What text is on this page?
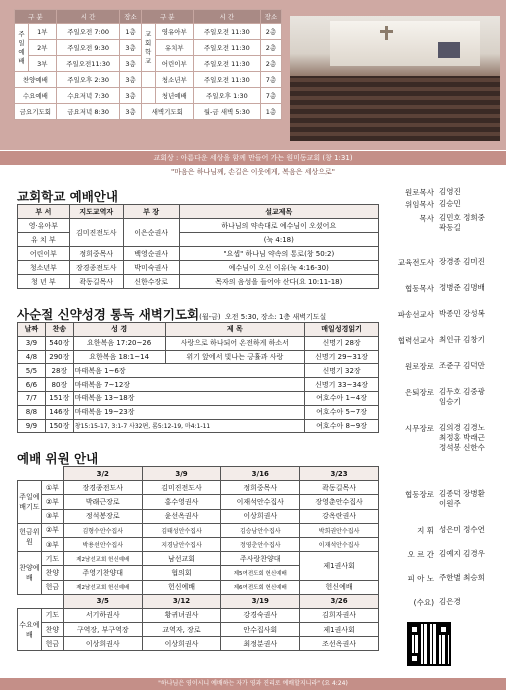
구 분		시 간	장소	구 분		시 간	장소
주일예배	1부	주일오전 7:00	1층	교회학교	영유아부	주일오전 11:30	2층
	2부	주일오전 9:30	3층		유치부	주일오전 11:30	2층
	3부	주일오전11:30	3층		어린이부	주일오전 11:30	2층
찬양예배		주일오후 2:30	3층		청소년부	주일오전 11:30	7층
수요예배		수요저녁 7:30	3층		청년예배	주일오후 1:30	7층
금요기도회		금요저녁 8:30	3층	새벽기도회		월-금 새벽 5:30	1층
교회상 : 아름다운 세상을 함께 만들어 가는 원미동교회 (창 1:31)
"마음은 하나님께, 손길은 이웃에게, 복음은 세상으로"
교회학교 예배안내
부 서	지도교역자	부 장	설교제목
영·유아부	김미진전도사	이은순권사	하나님의 약속대로 예수님이 오셨어요
유 치 부			(눅 4:18)
어린이부	정희중목사	백영순권사	"요셉" 하나님 약속의 통로(창 50:2)
청소년부	장경종전도사	박미숙권사	예수님이 오신 이유(눅 4:16-30)
청 년 부	곽동길목사	신한수장로	목자의 음성을 들어야 산다(요 10:11-18)
사순절 신약성경 통독 새벽기도회(월-금) 오전 5:30, 장소: 1층 새벽기도실
날짜	찬송	성 경	제 목	매일성경읽기
3/9	540장	요한복음 17:20~26	사랑으로 하나되어 온전하게 하소서	신명기 28장
4/8	290장	요한복음 18:1~14	위기 앞에서 빛나는 긍휼과 사랑	신명기 29~31장
5/5	28장	마태복음 1~6장		신명기 32장
6/6	80장	마태복음 7~12장		신명기 33~34장
7/7	151장	마태복음 13~18장		여호수아 1~4장
8/8	146장	마태복음 19~23장		여호수아 5~7장
9/9	150장	창15:15-17, 3:1-7 사32편, 롬5:12-19, 마4:1-11		여호수아 8~9장
예배 위원 안내
		3/2	3/9	3/16	3/23
주일예배기도	①부	장경종전도사	김미진전도사	정희중목사	곽동길목사
	②부	박래근장로	홍수영권사	이재석안수집사	장영춘안수집사
	③부	정석봉장로	윤선옥권사	이상희권사	강옥란권사
헌금위원	②부	김형수안수집사	김태성안수집사	김승남안수집사	박희권안수집사
	③부	박용선안수집사	지경남안수집사	정영춘안수집사	이재석안수집사
찬양예배	기도	제2남선교회 헌신예배	남선교회	주사랑찬양대	제1권사회
	찬양	주영기찬양대	협의회	제5여전도회 헌신예배	
	헌금	제2남선교회 헌신예배	헌신예배	제6여전도회 헌신예배	헌신예배
		3/5	3/12	3/19	3/26
수요예배	기도	서기하권사	황귀녀권사	강경숙권사	김희자권사
	찬양	구역장, 부구역장	교역자, 장로	안수집사회	제1권사회
	헌금	이상희권사	이상희권사	최정분권사	조선옥권사
원로목사 김영진
위임목사 김승민
목사 김민호 정희중 곽동길
교육전도사 장경종 김미진
협동목사 정병준 김명배
파송선교사 박종민 강성복
협력선교사 최인규 김창기
원로장로 조준구 김덕만
은퇴장로 김두호 김중광 임승기
시무장로 김의경 김경노 최정홍 박래근 정석봉 신한수
협동장로 김종덕 장병환 이원주
지 휘 성은미 정수연
오 르 간 김예지 김경우
피 아 노 주한별 최승희
(수요) 김은경
"하나님은 영이시니 예배하는 자가 영과 진리로 예배할지니라" (요 4:24)
